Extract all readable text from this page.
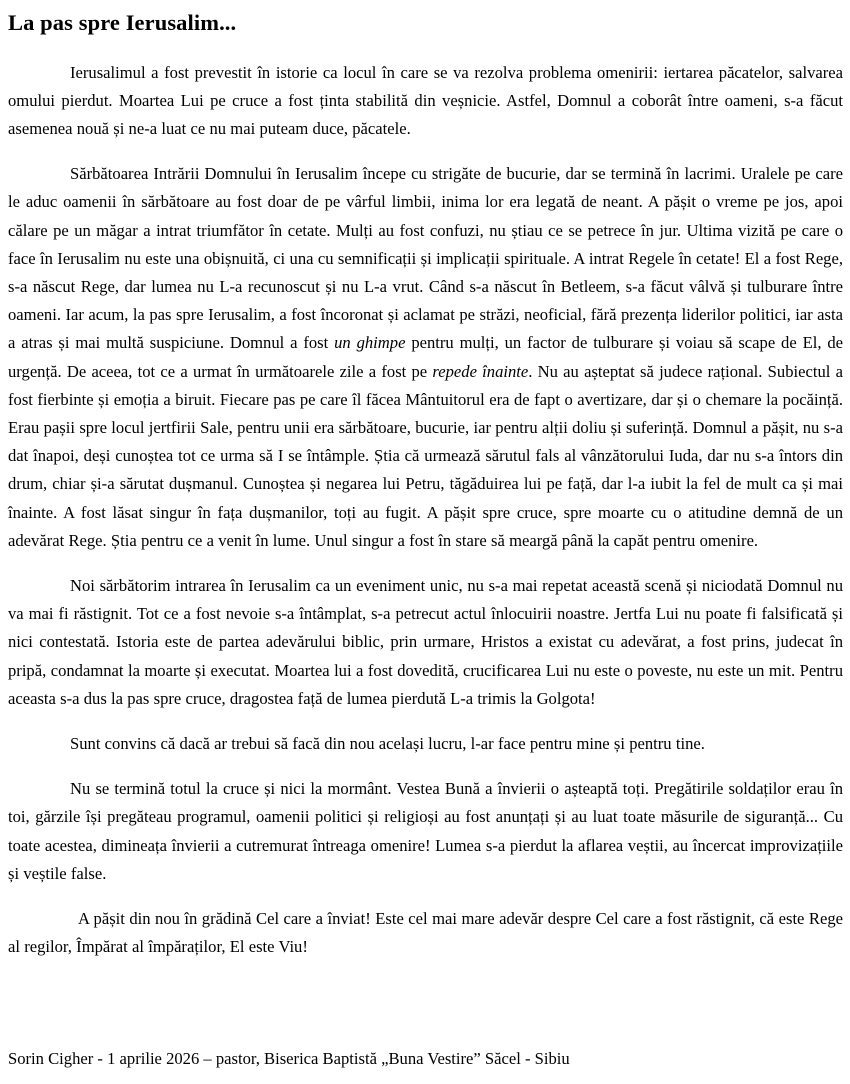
La pas spre Ierusalim...

Ierusalimul a fost prevestit în istorie ca locul în care se va rezolva problema omenirii: iertarea păcatelor, salvarea omului pierdut. Moartea Lui pe cruce a fost ținta stabilită din veșnicie. Astfel, Domnul a coborât între oameni, s-a făcut asemenea nouă și ne-a luat ce nu mai puteam duce, păcatele.

Sărbătoarea Intrării Domnului în Ierusalim începe cu strigăte de bucurie, dar se termină în lacrimi. Uralele pe care le aduc oamenii în sărbătoare au fost doar de pe vârful limbii, inima lor era legată de neant. A pășit o vreme pe jos, apoi călare pe un măgar a intrat triumfător în cetate. Mulți au fost confuzi, nu știau ce se petrece în jur. Ultima vizită pe care o face în Ierusalim nu este una obișnuită, ci una cu semnificații și implicații spirituale. A intrat Regele în cetate! El a fost Rege, s-a născut Rege, dar lumea nu L-a recunoscut și nu L-a vrut. Când s-a născut în Betleem, s-a făcut vâlvă și tulburare între oameni. Iar acum, la pas spre Ierusalim, a fost încoronat și aclamat pe străzi, neoficial, fără prezența liderilor politici, iar asta a atras și mai multă suspiciune. Domnul a fost un ghimpe pentru mulți, un factor de tulburare și voiau să scape de El, de urgență. De aceea, tot ce a urmat în următoarele zile a fost pe repede înainte. Nu au așteptat să judece rațional. Subiectul a fost fierbinte și emoția a biruit. Fiecare pas pe care îl făcea Mântuitorul era de fapt o avertizare, dar și o chemare la pocăință. Erau pașii spre locul jertfirii Sale, pentru unii era sărbătoare, bucurie, iar pentru alții doliu și suferință. Domnul a pășit, nu s-a dat înapoi, deși cunoștea tot ce urma să I se întâmple. Știa că urmează sărutul fals al vânzătorului Iuda, dar nu s-a întors din drum, chiar și-a sărutat dușmanul. Cunoștea și negarea lui Petru, tăgăduirea lui pe față, dar l-a iubit la fel de mult ca și mai înainte. A fost lăsat singur în fața dușmanilor, toți au fugit. A pășit spre cruce, spre moarte cu o atitudine demnă de un adevărat Rege. Știa pentru ce a venit în lume. Unul singur a fost în stare să meargă până la capăt pentru omenire.

Noi sărbătorim intrarea în Ierusalim ca un eveniment unic, nu s-a mai repetat această scenă și niciodată Domnul nu va mai fi răstignit. Tot ce a fost nevoie s-a întâmplat, s-a petrecut actul înlocuirii noastre. Jertfa Lui nu poate fi falsificată și nici contestată. Istoria este de partea adevărului biblic, prin urmare, Hristos a existat cu adevărat, a fost prins, judecat în pripă, condamnat la moarte și executat. Moartea lui a fost dovedită, crucificarea Lui nu este o poveste, nu este un mit. Pentru aceasta s-a dus la pas spre cruce, dragostea față de lumea pierdută L-a trimis la Golgota!

Sunt convins că dacă ar trebui să facă din nou același lucru, l-ar face pentru mine și pentru tine.

Nu se termină totul la cruce și nici la mormânt. Vestea Bună a învierii o așteaptă toți. Pregătirile soldaților erau în toi, gărzile își pregăteau programul, oamenii politici și religioși au fost anunțați și au luat toate măsurile de siguranță... Cu toate acestea, dimineața învierii a cutremurat întreaga omenire! Lumea s-a pierdut la aflarea veștii, au încercat improvizațiile și veștile false.

A pășit din nou în grădină Cel care a înviat! Este cel mai mare adevăr despre Cel care a fost răstignit, că este Rege al regilor, Împărat al împăraților, El este Viu!

Sorin Cigher - 1 aprilie 2026 – pastor, Biserica Baptistă „Buna Vestire” Săcel - Sibiu
